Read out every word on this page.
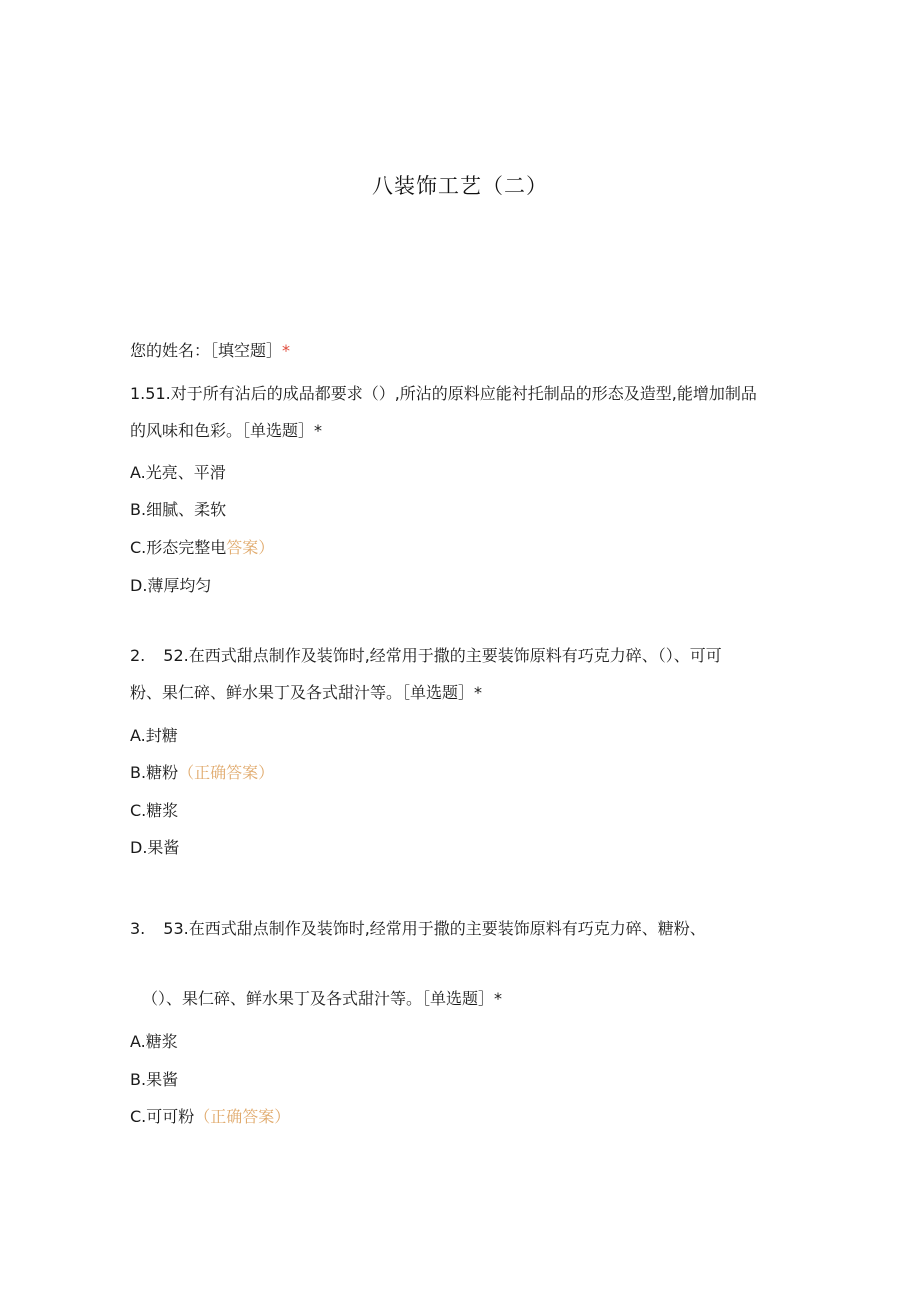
八装饰工艺（二）
您的姓名：［填空题］*
1.51.对于所有沾后的成品都要求（）,所沾的原料应能衬托制品的形态及造型,能增加制品
的风味和色彩。［单选题］*
A.光亮、平滑
B.细腻、柔软
C.形态完整电答案）
D.薄厚均匀
2. 52.在西式甜点制作及装饰时,经常用于撒的主要装饰原料有巧克力碎、（）、可可
粉、果仁碎、鲜水果丁及各式甜汁等。［单选题］*
A.封糖
B.糖粉（正确答案）
C.糖浆
D.果酱
3. 53.在西式甜点制作及装饰时,经常用于撒的主要装饰原料有巧克力碎、糖粉、
（）、果仁碎、鲜水果丁及各式甜汁等。［单选题］*
A.糖浆
B.果酱
C.可可粉（正确答案）
